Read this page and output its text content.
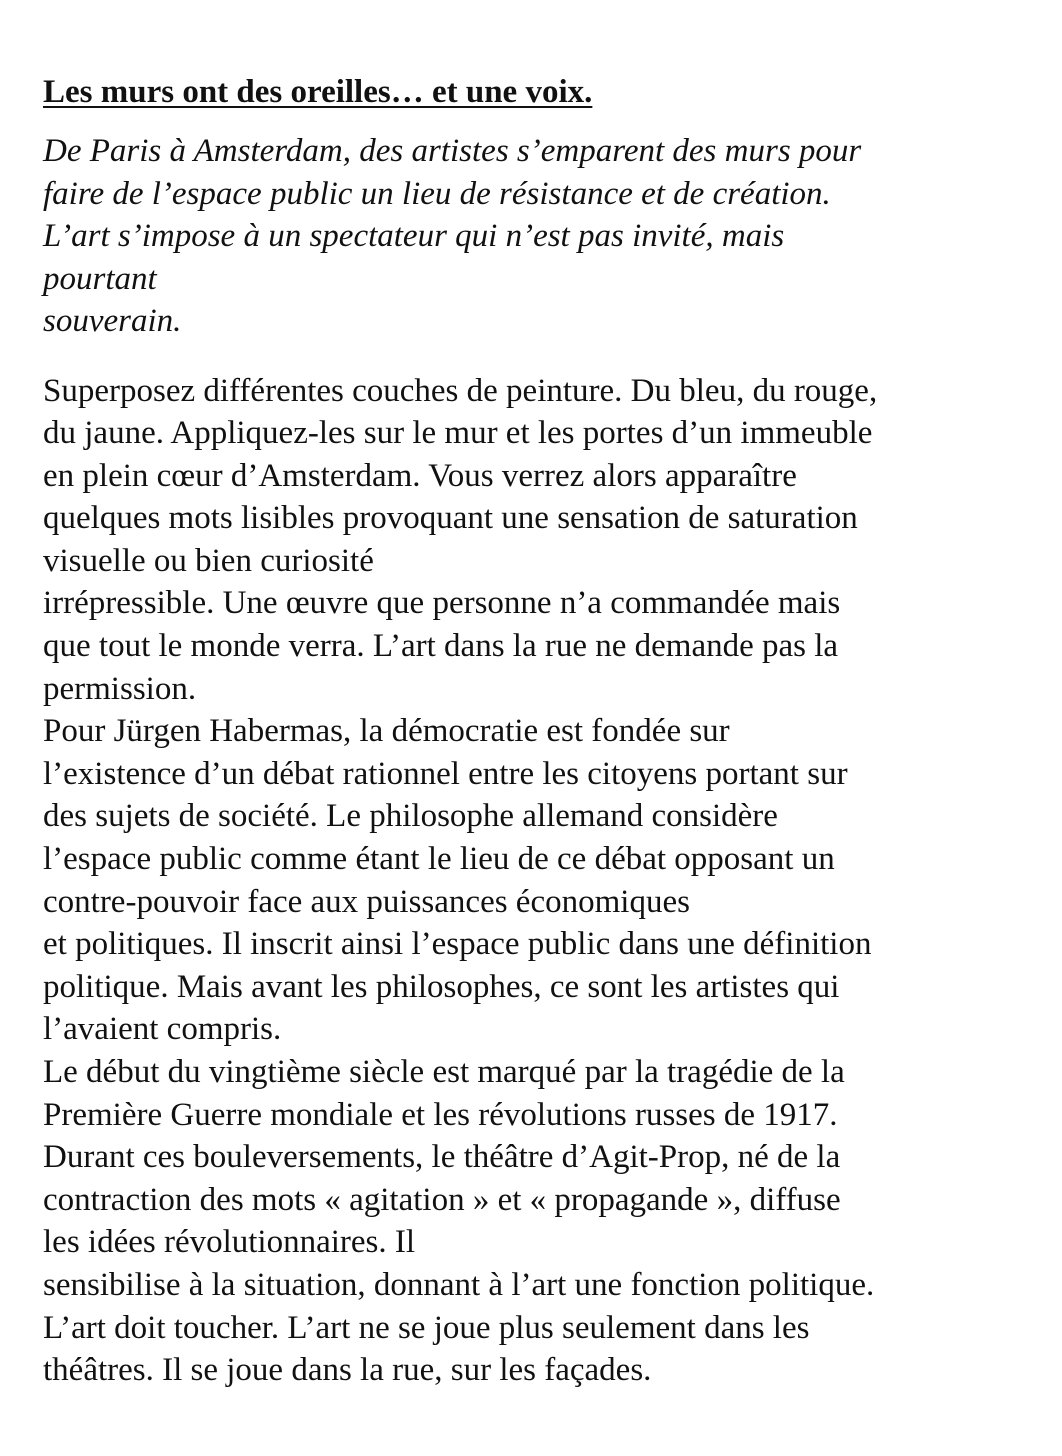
Les murs ont des oreilles… et une voix.

De Paris à Amsterdam, des artistes s’emparent des murs pour
faire de l’espace public un lieu de résistance et de création.
L’art s’impose à un spectateur qui n’est pas invité, mais
pourtant
souverain.

Superposez différentes couches de peinture. Du bleu, du rouge,
du jaune. Appliquez-les sur le mur et les portes d’un immeuble
en plein cœur d’Amsterdam. Vous verrez alors apparaître
quelques mots lisibles provoquant une sensation de saturation
visuelle ou bien curiosité
irrépressible. Une œuvre que personne n’a commandée mais
que tout le monde verra. L’art dans la rue ne demande pas la
permission.
Pour Jürgen Habermas, la démocratie est fondée sur
l’existence d’un débat rationnel entre les citoyens portant sur
des sujets de société. Le philosophe allemand considère
l’espace public comme étant le lieu de ce débat opposant un
contre-pouvoir face aux puissances économiques
et politiques. Il inscrit ainsi l’espace public dans une définition
politique. Mais avant les philosophes, ce sont les artistes qui
l’avaient compris.
Le début du vingtième siècle est marqué par la tragédie de la
Première Guerre mondiale et les révolutions russes de 1917.
Durant ces bouleversements, le théâtre d’Agit-Prop, né de la
contraction des mots « agitation » et « propagande », diffuse
les idées révolutionnaires. Il
sensibilise à la situation, donnant à l’art une fonction politique.
L’art doit toucher. L’art ne se joue plus seulement dans les
théâtres. Il se joue dans la rue, sur les façades.
